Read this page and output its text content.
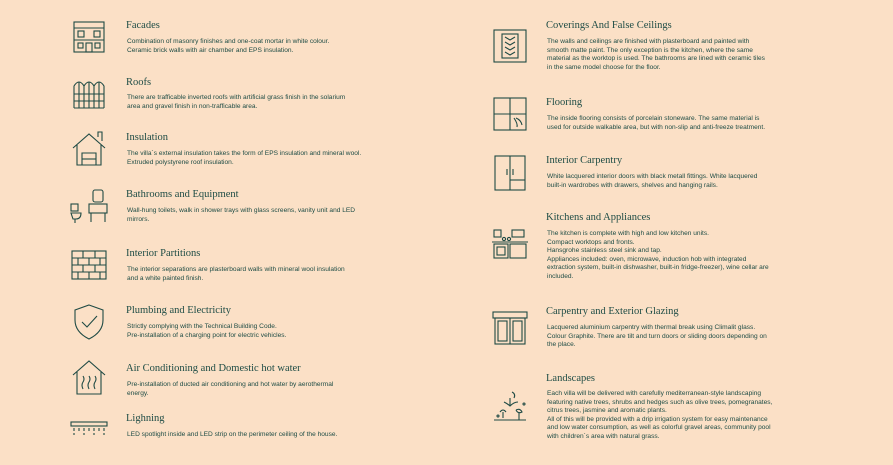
Facades
Combination of masonry finishes and one-coat mortar in white colour.
Ceramic brick walls with air chamber and EPS insulation.
Roofs
There are trafficable inverted roofs with artificial grass finish in the solarium
area and gravel finish in non-trafficable area.
Insulation
The villa´s external insulation takes the form of EPS insulation and mineral wool.
Extruded polystyrene roof insulation.
Bathrooms and Equipment
Wall-hung toilets, walk in shower trays with glass screens, vanity unit and LED
mirrors.
Interior Partitions
The interior separations are plasterboard walls with mineral wool insulation
and a white painted finish.
Plumbing and Electricity
Strictly complying with the Technical Building Code.
Pre-installation of a charging point for electric vehicles.
Air Conditioning and Domestic hot water
Pre-installation of ducted air conditioning and hot water by aerothermal
energy.
Lighning
LED spotlight inside and LED strip on the perimeter ceiling of the house.
Coverings And False Ceilings
The walls and ceilings are finished with plasterboard and painted with
smooth matte paint. The only exception is the kitchen, where the same
material as the worktop is used. The bathrooms are lined with ceramic tiles
in the same model choose for the floor.
Flooring
The inside flooring consists of porcelain stoneware. The same material is
used for outside walkable area, but with non-slip and anti-freeze treatment.
Interior Carpentry
White lacquered interior doors with black metall fittings. White lacquered
built-in wardrobes with drawers, shelves and hanging rails.
Kitchens and Appliances
The kitchen is complete with high and low kitchen units.
Compact worktops and fronts.
Hansgrohe stainless steel sink and tap.
Appliances included: oven, microwave, induction hob with integrated
extraction system, built-in dishwasher, built-in fridge-freezer), wine cellar are
included.
Carpentry and Exterior Glazing
Lacquered aluminium carpentry with thermal break using Climalit glass.
Colour Graphite. There are tilt and turn doors or sliding doors depending on
the place.
Landscapes
Each villa will be delivered with carefully mediterranean-style landscaping
featuring native trees, shrubs and hedges such as olive trees, pomegranates,
citrus trees, jasmine and aromatic plants.
All of this will be provided with a drip irrigation system for easy maintenance
and low water consumption, as well as colorful gravel areas, community pool
with children´s area with natural grass.
